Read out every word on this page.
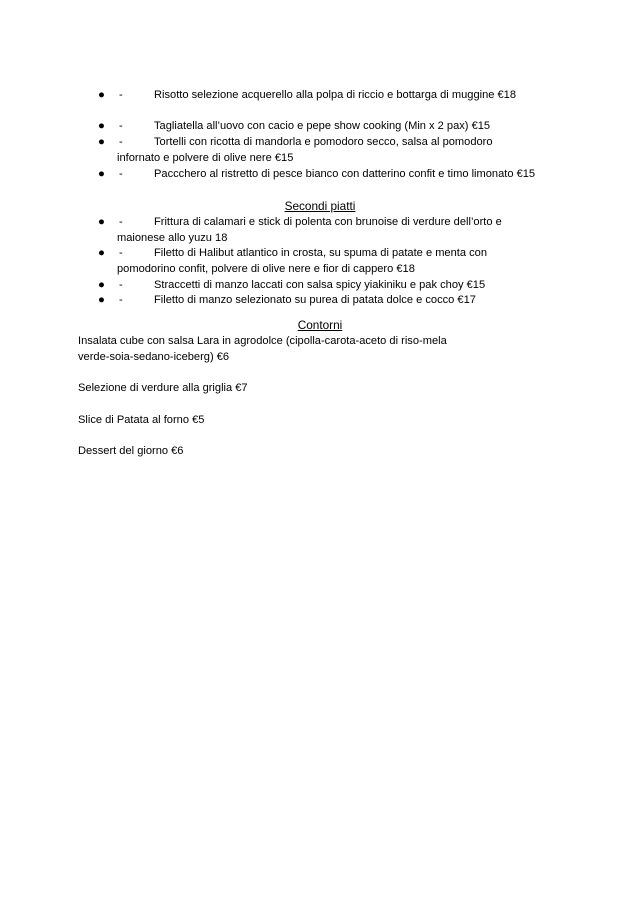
● -	Risotto selezione acquerello alla polpa di riccio e bottarga di muggine €18
● -	Tagliatella all’uovo con cacio e pepe show cooking (Min x 2 pax) €15
● -	Tortelli con ricotta di mandorla e pomodoro secco, salsa al pomodoro
infornato e polvere di olive nere €15
● -	Paccchero al ristretto di pesce bianco con datterino confit e timo limonato €15
Secondi piatti
● -	Frittura di calamari e stick di polenta con brunoise di verdure dell’orto e
maionese allo yuzu 18
● -	Filetto di Halibut atlantico in crosta, su spuma di patate e menta con
pomodorino confit, polvere di olive nere e fior di cappero €18
● -	Straccetti di manzo laccati con salsa spicy yiakiniku e pak choy €15
● -	Filetto di manzo selezionato su purea di patata dolce e cocco €17
Contorni

Insalata cube con salsa Lara in agrodolce (cipolla-carota-aceto di riso-mela
verde-soia-sedano-iceberg) €6

Selezione di verdure alla griglia €7

Slice di Patata al forno €5

Dessert del giorno €6
